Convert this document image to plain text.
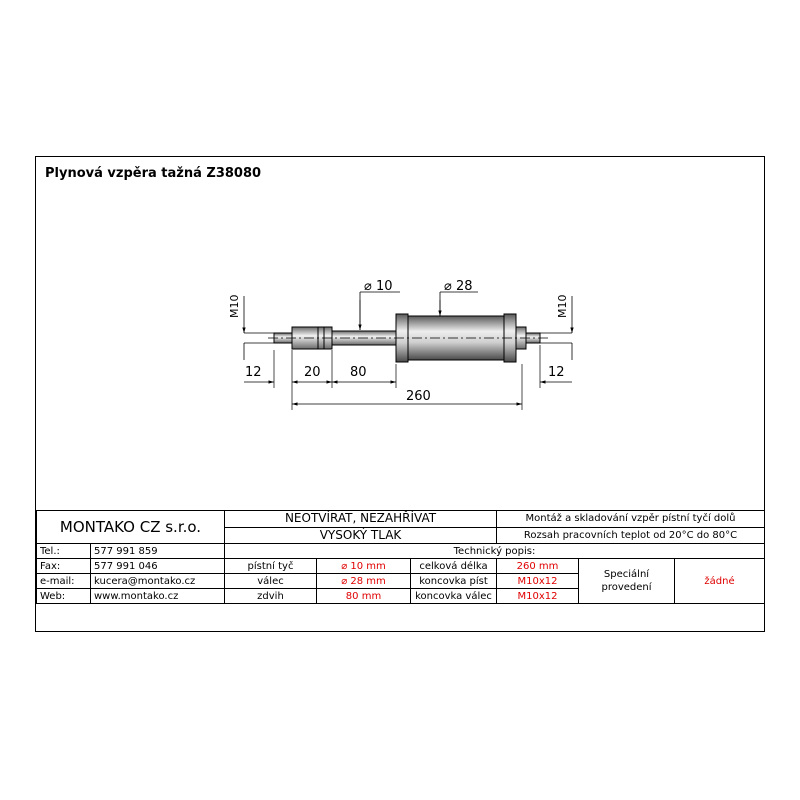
Plynová vzpěra tažná Z38080
⌀ 10	⌀ 28
12	20 80
260
12
M10	M10
MONTAKO CZ s.r.o.		NEOTVÍRAT, NEZAHŘÍVAT			Montáž a skladování vzpěr pístní tyčí dolů		
		VYSOKÝ TLAK			Rozsah pracovních teplot od 20°C do 80°C		
Tel.:	577 991 859	Technický popis:					
Fax:	577 991 046	pístní tyč	⌀ 10 mm	celková délka	260 mm	Speciální provedení	žádné
e-mail:	kucera@montako.cz	válec	⌀ 28 mm	koncovka píst	M10x12		
Web:	www.montako.cz	zdvih	80 mm	koncovka válec	M10x12		
